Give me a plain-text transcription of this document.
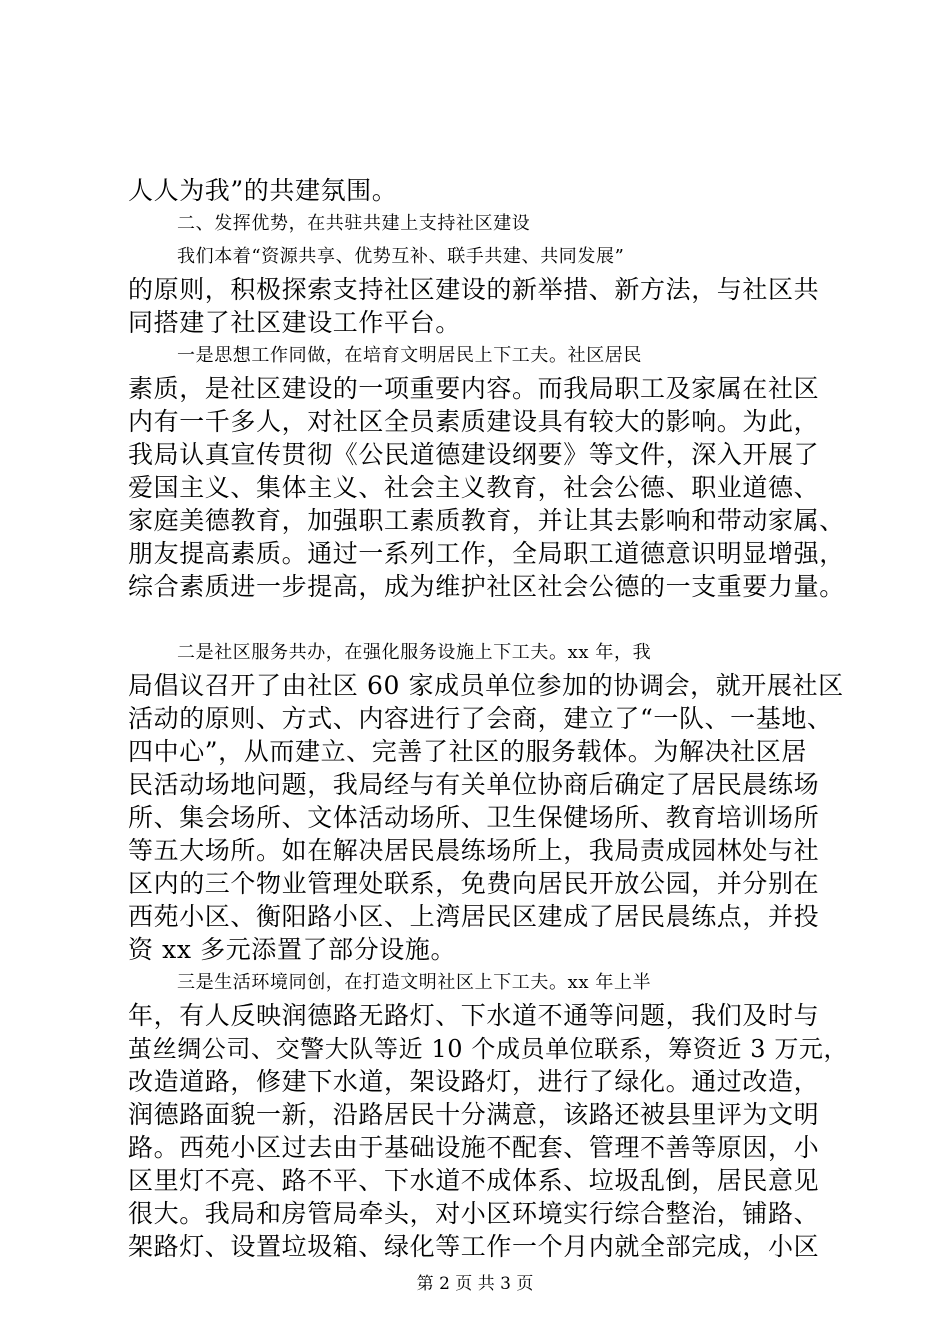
人人为我”的共建氛围。
二、发挥优势，在共驻共建上支持社区建设
我们本着“资源共享、优势互补、联手共建、共同发展”
的原则，积极探索支持社区建设的新举措、新方法，与社区共
同搭建了社区建设工作平台。
一是思想工作同做，在培育文明居民上下工夫。社区居民
素质，是社区建设的一项重要内容。而我局职工及家属在社区
内有一千多人，对社区全员素质建设具有较大的影响。为此，
我局认真宣传贯彻《公民道德建设纲要》等文件，深入开展了
爱国主义、集体主义、社会主义教育，社会公德、职业道德、
家庭美德教育，加强职工素质教育，并让其去影响和带动家属、
朋友提高素质。通过一系列工作，全局职工道德意识明显增强，
综合素质进一步提高，成为维护社区社会公德的一支重要力量。
二是社区服务共办，在强化服务设施上下工夫。xx 年，我
局倡议召开了由社区 60 家成员单位参加的协调会，就开展社区
活动的原则、方式、内容进行了会商，建立了“一队、一基地、
四中心”，从而建立、完善了社区的服务载体。为解决社区居
民活动场地问题，我局经与有关单位协商后确定了居民晨练场
所、集会场所、文体活动场所、卫生保健场所、教育培训场所
等五大场所。如在解决居民晨练场所上，我局责成园林处与社
区内的三个物业管理处联系，免费向居民开放公园，并分别在
西苑小区、衡阳路小区、上湾居民区建成了居民晨练点，并投
资 xx 多元添置了部分设施。
三是生活环境同创，在打造文明社区上下工夫。xx 年上半
年，有人反映润德路无路灯、下水道不通等问题，我们及时与
茧丝绸公司、交警大队等近 10 个成员单位联系，筹资近 3 万元，
改造道路，修建下水道，架设路灯，进行了绿化。通过改造，
润德路面貌一新，沿路居民十分满意，该路还被县里评为文明
路。西苑小区过去由于基础设施不配套、管理不善等原因，小
区里灯不亮、路不平、下水道不成体系、垃圾乱倒，居民意见
很大。我局和房管局牵头，对小区环境实行综合整治，铺路、
架路灯、设置垃圾箱、绿化等工作一个月内就全部完成，小区
第 2 页 共 3 页
